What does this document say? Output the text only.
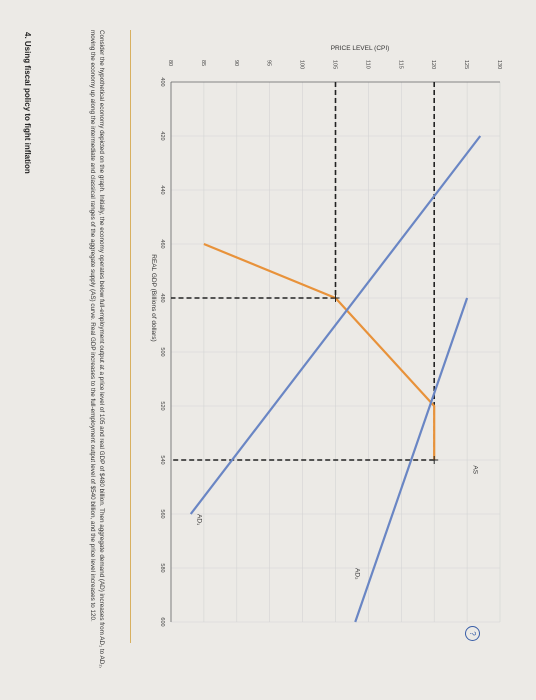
4. Using fiscal policy to fight inflation	Consider the hypothetical economy depicted on the graph. Initially, the economy operates below full-employment output at a price level of 105 and real GDP of $480 billion. Then aggregate demand (AD) increases from AD₁ to AD₂, moving the economy up along the intermediate and classical ranges of the aggregate supply (AS) curve. Real GDP increases to the full-employment output level of $540 billion, and the price level increases to 120.

?
400
420
440
460
480
500
520
540
560
580
600
80	85	90	95	100	105	110	115	120	125	130
AS
AD₁
AD₂
REAL GDP (Billions of dollars)
PRICE LEVEL (CPI)
